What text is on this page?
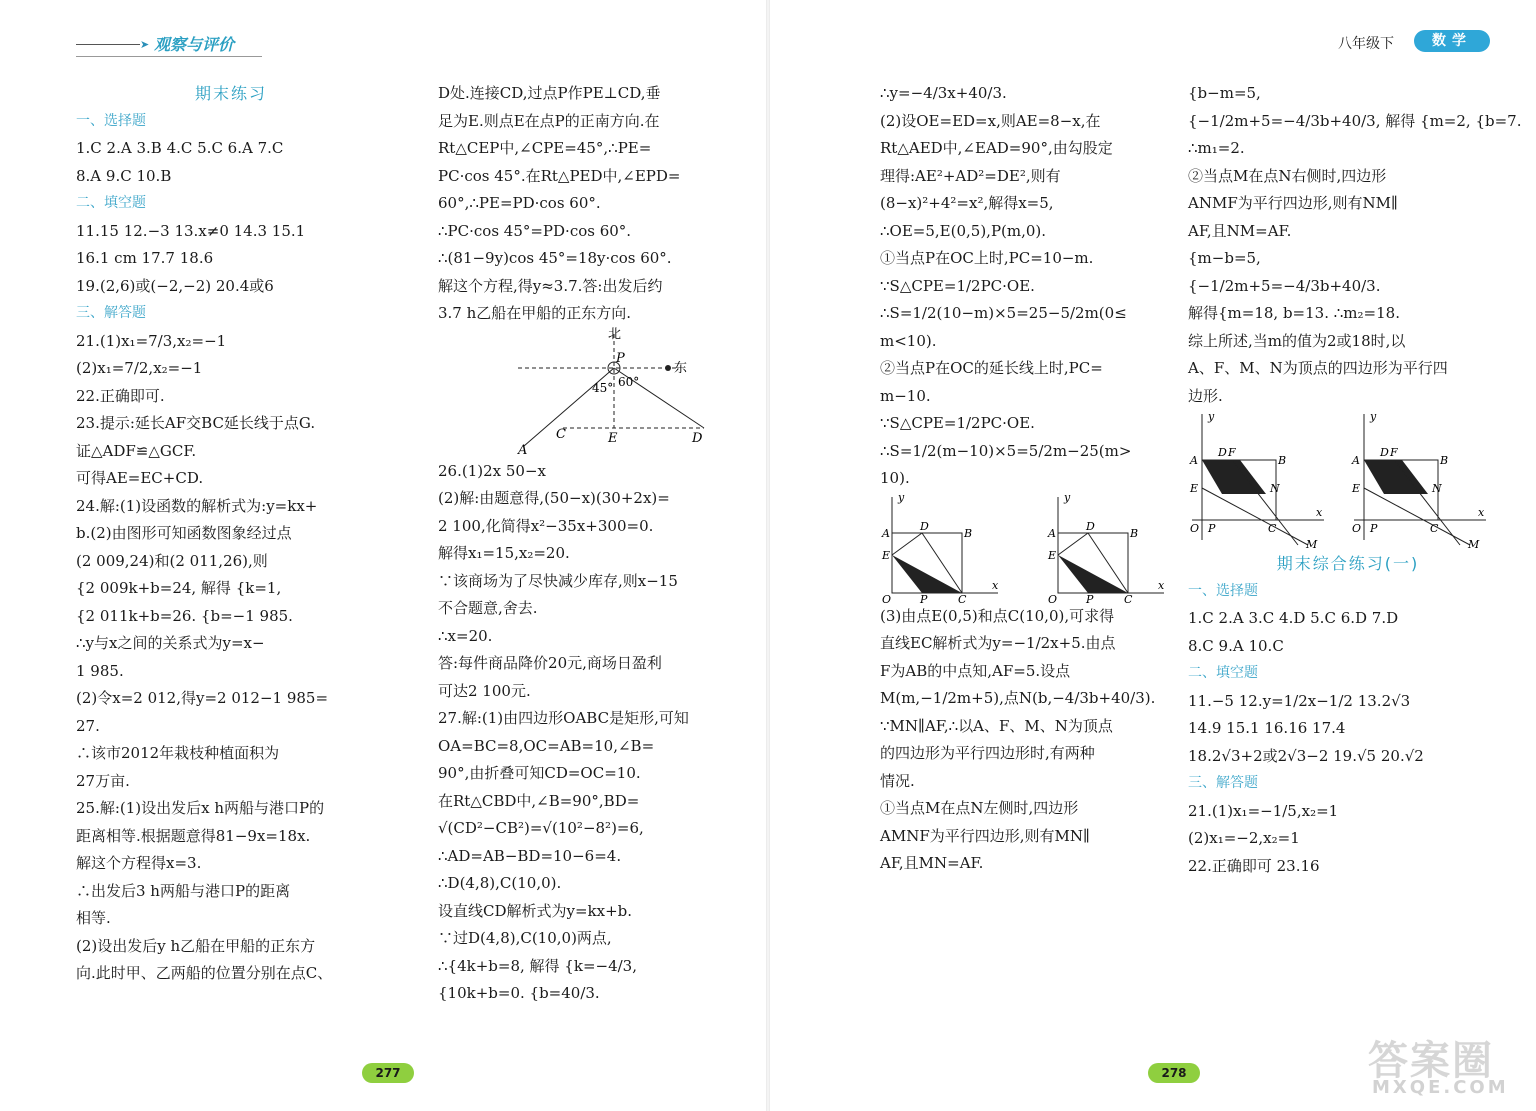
➤ 观察与评价
期末练习
一、选择题
1.C 2.A 3.B 4.C 5.C 6.A 7.C
8.A 9.C 10.B
二、填空题
11.15 12.−3 13.x≠0 14.3 15.1
16.1 cm 17.7 18.6
19.(2,6)或(−2,−2) 20.4或6
三、解答题
21.(1)x₁=7/3,x₂=−1
(2)x₁=7/2,x₂=−1
22.正确即可.
23.提示:延长AF交BC延长线于点G.
证△ADF≌△GCF.
可得AE=EC+CD.
24.解:(1)设函数的解析式为:y=kx+
b.(2)由图形可知函数图象经过点
(2 009,24)和(2 011,26),则
{2 009k+b=24, 解得 {k=1,
{2 011k+b=26. {b=−1 985.
∴y与x之间的关系式为y=x−
1 985.
(2)令x=2 012,得y=2 012−1 985=
27.
∴该市2012年栽枝种植面积为
27万亩.
25.解:(1)设出发后x h两船与港口P的
距离相等.根据题意得81−9x=18x.
解这个方程得x=3.
∴出发后3 h两船与港口P的距离
相等.
(2)设出发后y h乙船在甲船的正东方
向.此时甲、乙两船的位置分别在点C、
D处.连接CD,过点P作PE⊥CD,垂
足为E.则点E在点P的正南方向.在
Rt△CEP中,∠CPE=45°,∴PE=
PC·cos 45°.在Rt△PED中,∠EPD=
60°,∴PE=PD·cos 60°.
∴PC·cos 45°=PD·cos 60°.
∴(81−9y)cos 45°=18y·cos 60°.
解这个方程,得y≈3.7.答:出发后约
3.7 h乙船在甲船的正东方向.
北
东
P
45° 60°
A
C	E	D
26.(1)2x 50−x
(2)解:由题意得,(50−x)(30+2x)=
2 100,化简得x²−35x+300=0.
解得x₁=15,x₂=20.
∵该商场为了尽快减少库存,则x−15
不合题意,舍去.
∴x=20.
答:每件商品降价20元,商场日盈利
可达2 100元.
27.解:(1)由四边形OABC是矩形,可知
OA=BC=8,OC=AB=10,∠B=
90°,由折叠可知CD=OC=10.
在Rt△CBD中,∠B=90°,BD=
√(CD²−CB²)=√(10²−8²)=6,
∴AD=AB−BD=10−6=4.
∴D(4,8),C(10,0).
设直线CD解析式为y=kx+b.
∵过D(4,8),C(10,0)两点,
∴{4k+b=8, 解得 {k=−4/3,
{10k+b=0. {b=40/3.
277
八年级下	数学
∴y=−4/3x+40/3.
(2)设OE=ED=x,则AE=8−x,在
Rt△AED中,∠EAD=90°,由勾股定
理得:AE²+AD²=DE²,则有
(8−x)²+4²=x²,解得x=5,
∴OE=5,E(0,5),P(m,0).
①当点P在OC上时,PC=10−m.
∵S△CPE=1/2PC·OE.
∴S=1/2(10−m)×5=25−5/2m(0≤
m<10).
②当点P在OC的延长线上时,PC=
m−10.
∵S△CPE=1/2PC·OE.
∴S=1/2(m−10)×5=5/2m−25(m>
10).
y
x
O
A
D
B
E
P	C

y
x
O
A
D
B
E
P	C
(3)由点E(0,5)和点C(10,0),可求得
直线EC解析式为y=−1/2x+5.由点
F为AB的中点知,AF=5.设点
M(m,−1/2m+5),点N(b,−4/3b+40/3).
∵MN∥AF,∴以A、F、M、N为顶点
的四边形为平行四边形时,有两种
情况.
①当点M在点N左侧时,四边形
AMNF为平行四边形,则有MN∥
AF,且MN=AF.
{b−m=5,
{−1/2m+5=−4/3b+40/3, 解得 {m=2, {b=7.
∴m₁=2.
②当点M在点N右侧时,四边形
ANMF为平行四边形,则有NM∥
AF,且NM=AF.
{m−b=5,
{−1/2m+5=−4/3b+40/3.
解得{m=18, b=13. ∴m₂=18.
综上所述,当m的值为2或18时,以
A、F、M、N为顶点的四边形为平行四
边形.
y
x
O
A
D F
B
E
P	C
N
M

y
x
O
A
D F
B
E
P	C
N
M
期末综合练习(一)
一、选择题
1.C 2.A 3.C 4.D 5.C 6.D 7.D
8.C 9.A 10.C
二、填空题
11.−5 12.y=1/2x−1/2 13.2√3
14.9 15.1 16.16 17.4
18.2√3+2或2√3−2 19.√5 20.√2
三、解答题
21.(1)x₁=−1/5,x₂=1
(2)x₁=−2,x₂=1
22.正确即可 23.16
278	答案圈
MXQE.COM
